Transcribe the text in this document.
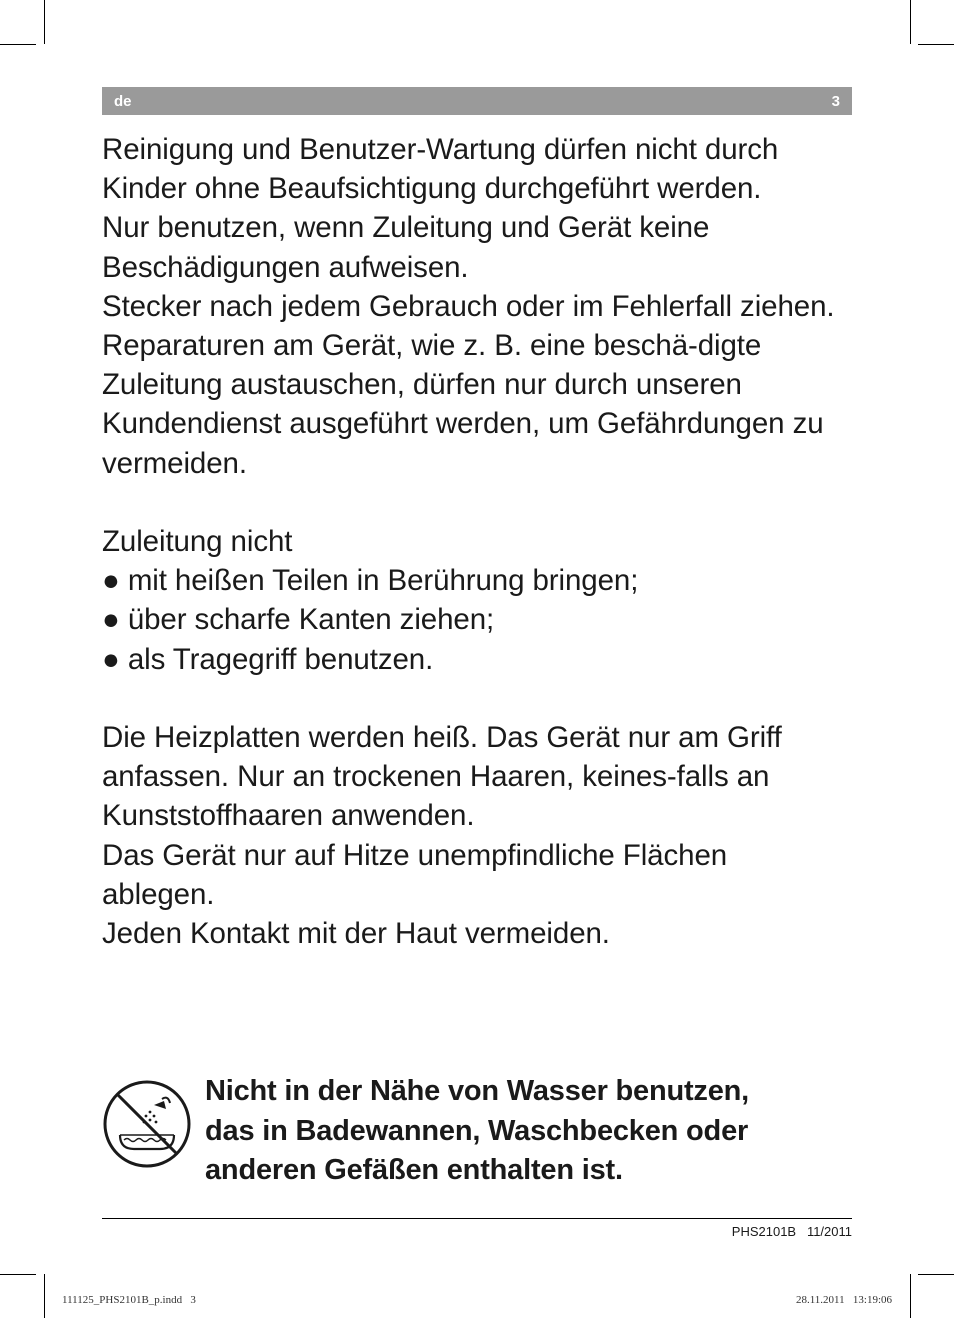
de	3

Reinigung und Benutzer-Wartung dürfen nicht durch Kinder ohne Beaufsichtigung durchgeführt werden.

Nur benutzen, wenn Zuleitung und Gerät keine Beschädigungen aufweisen.

Stecker nach jedem Gebrauch oder im Fehlerfall ziehen.

Reparaturen am Gerät, wie z. B. eine beschä-digte Zuleitung austauschen, dürfen nur durch unseren Kundendienst ausgeführt werden, um Gefährdungen zu vermeiden.

Zuleitung nicht

● mit heißen Teilen in Berührung bringen;
● über scharfe Kanten ziehen;
● als Tragegriff benutzen.

Die Heizplatten werden heiß. Das Gerät nur am Griff anfassen. Nur an trockenen Haaren, keines-falls an Kunststoffhaaren anwenden.

Das Gerät nur auf Hitze unempfindliche Flächen ablegen.

Jeden Kontakt mit der Haut vermeiden.

Nicht in der Nähe von Wasser benutzen,
das in Badewannen, Waschbecken oder
anderen Gefäßen enthalten ist.
PHS2101B   11/2011
111125_PHS2101B_p.indd   3	28.11.2011   13:19:06
